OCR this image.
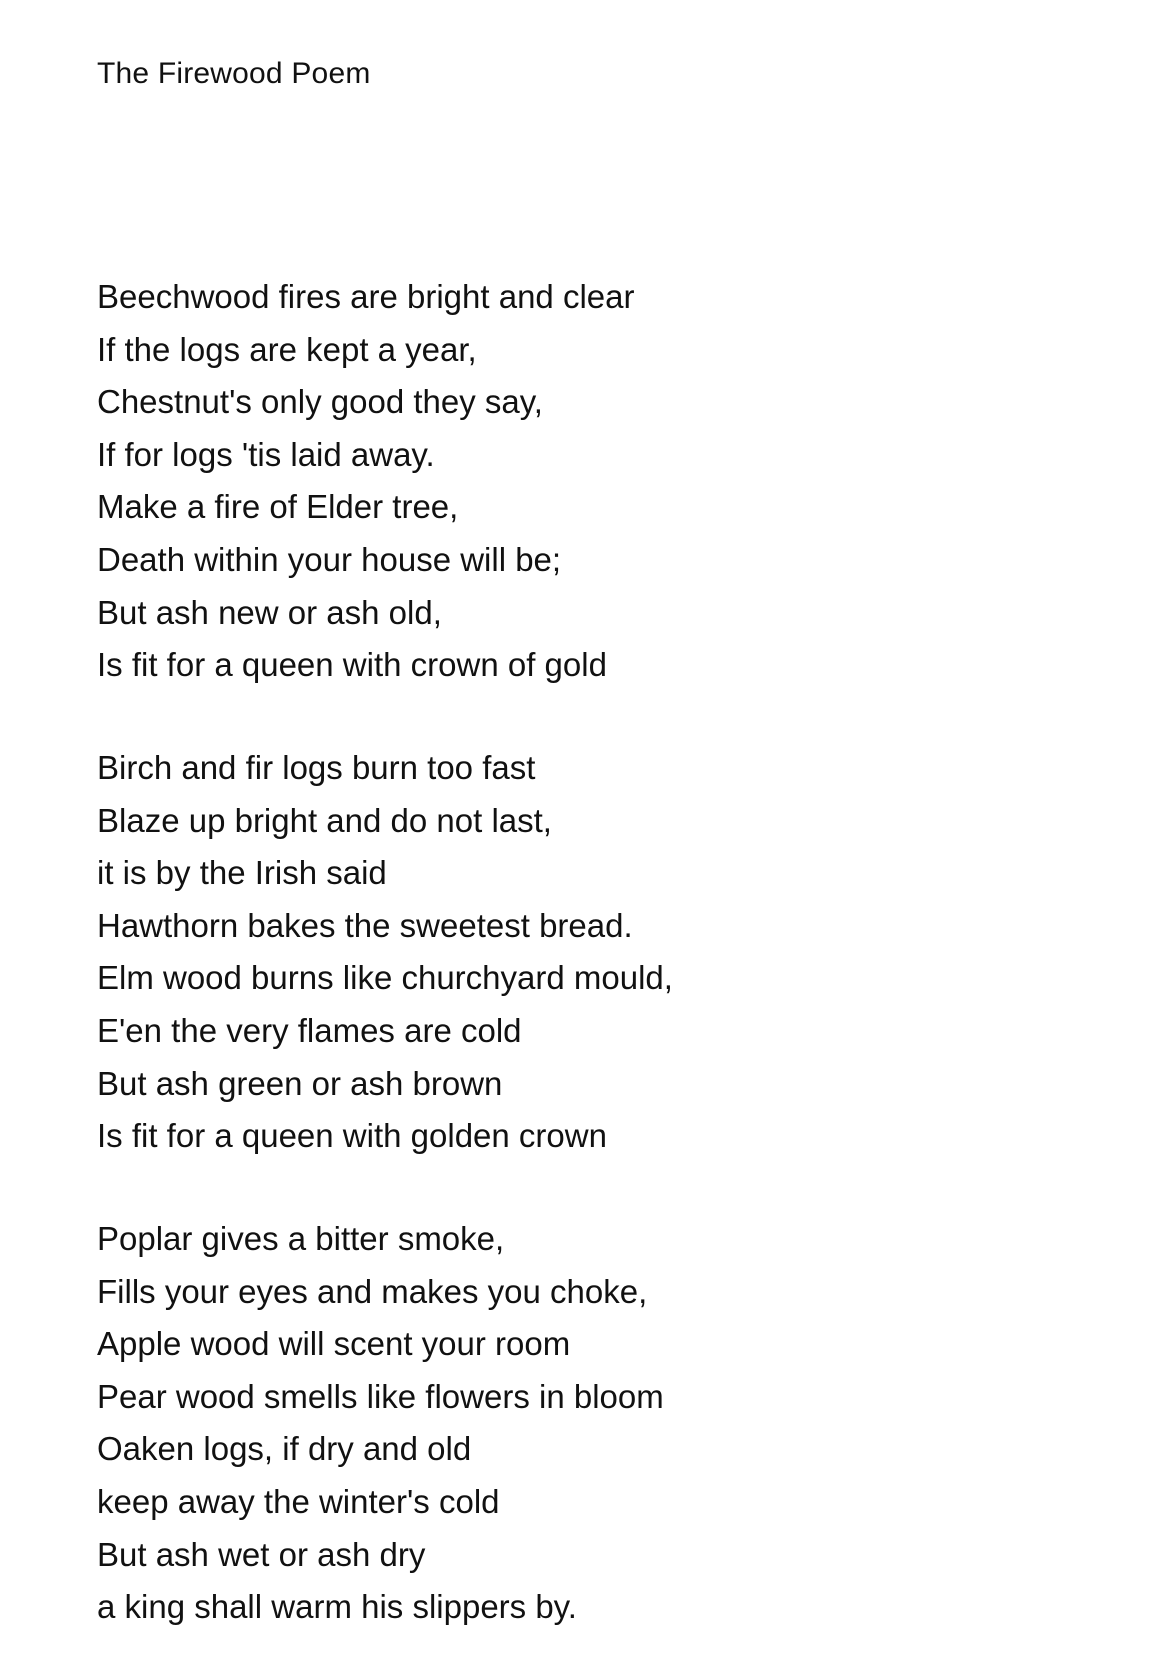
The Firewood Poem
Beechwood fires are bright and clear
If the logs are kept a year,
Chestnut's only good they say,
If for logs 'tis laid away.
Make a fire of Elder tree,
Death within your house will be;
But ash new or ash old,
Is fit for a queen with crown of gold
Birch and fir logs burn too fast
Blaze up bright and do not last,
it is by the Irish said
Hawthorn bakes the sweetest bread.
Elm wood burns like churchyard mould,
E'en the very flames are cold
But ash green or ash brown
Is fit for a queen with golden crown
Poplar gives a bitter smoke,
Fills your eyes and makes you choke,
Apple wood will scent your room
Pear wood smells like flowers in bloom
Oaken logs, if dry and old
keep away the winter's cold
But ash wet or ash dry
a king shall warm his slippers by.
